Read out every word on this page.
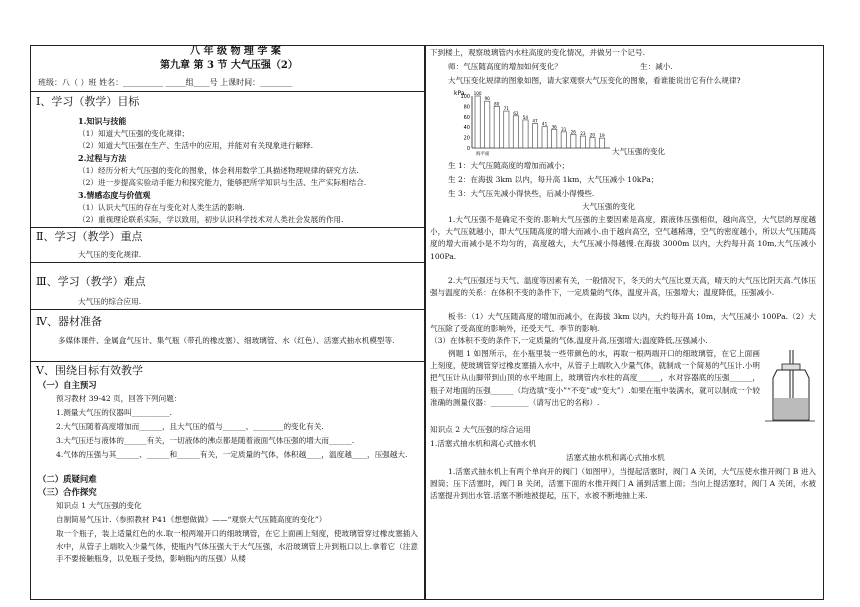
八 年 级 物 理 学 案
第九章 第 3 节 大气压强（2）
班级：八（ ）班 姓名：__________ _____组____号 上课时间：________
Ⅰ、学习（教学）目标
1.知识与技能
（1）知道大气压强的变化规律；
（2）知道大气压强在生产、生活中的应用，并能对有关现象进行解释.
2.过程与方法
（1）经历分析大气压强的变化的图象，体会利用数学工具描述物理规律的研究方法.
（2）进一步提高实验动手能力和探究能力，能够把所学知识与生活、生产实际相结合.
3.情感态度与价值观
（1）认识大气压的存在与变化对人类生活的影响.
（2）重视理论联系实际，学以致用，初步认识科学技术对人类社会发展的作用.
Ⅱ、学习（教学）重点
大气压的变化规律.
Ⅲ、学习（教学）难点
大气压的综合应用.
Ⅳ、器材准备
多媒体课件、金属盒气压计、集气瓶（带孔的橡皮塞）、细玻璃管、水（红色）、活塞式抽水机模型等.
Ⅴ、围绕目标有效教学
（一）自主预习
预习教材 39-42 页，回答下列问题：
1.测量大气压的仪器叫__________.
2.大气压随着高度增加而______，且大气压的值与______、________的变化有关.
3.大气压还与液体的______有关，一切液体的沸点都是随着液面气体压强的增大而______.
4.气体的压强与其______、______和______有关，一定质量的气体，体积越____，温度越____，压强越大.
（二）质疑问难
（三）合作探究
知识点 1 大气压强的变化
自制简易气压计.（参照教材 P41《想想做做》——“观察大气压随高度的变化”）
取一个瓶子，装上适量红色的水.取一根两端开口的细玻璃管，在它上面画上刻度，使玻璃管穿过橡皮塞插入水中，从管子上端吹入少量气体，使瓶内气体压强大于大气压强，水沿玻璃管上升到瓶口以上.拿着它（注意手不要接触瓶身，以免瓶子受热，影响瓶内的压强）从楼
下到楼上，观察玻璃管内水柱高度的变化情况，并做另一个记号.
师：气压随高度的增加如何变化？	生：减小.
大气压变化规律的图象如图，请大家观察大气压变化的图象，看谁能说出它有什么规律?
kPa
100
80
60
40
20
0
100
90
80
71
62
54
47
41
36
31
26 23 20 19
海平面	大气压强的变化
生 1：大气压随高度的增加而减小；
生 2：在海拔 3km 以内，每升高 1km，大气压减小 10kPa；
生 3：大气压先减小得快些，后减小得慢些.
大气压强的变化
1.大气压强不是确定不变的.影响大气压强的主要因素是高度，跟液体压强相似，越向高空，大气层的厚度越小，大气压就越小，即大气压随高度的增大而减小.由于越向高空，空气越稀薄，空气的密度越小，所以大气压随高度的增大而减小是不均匀的，高度越大，大气压减小得越慢.在海拔 3000m 以内，大约每升高 10m,大气压减小 100Pa.
2.大气压强还与天气、温度等因素有关，一般情况下，冬天的大气压比夏天高，晴天的大气压比阴天高.气体压强与温度的关系：在体积不变的条件下，一定质量的气体，温度升高，压强增大；温度降低，压强减小.
板书：（1）大气压随高度的增加而减小，在海拔 3km 以内，大约每升高 10m，大气压减小 100Pa.（2）大气压除了受高度的影响外，还受天气、季节的影响.
（3）在体积不变的条件下,一定质量的气体,温度升高,压强增大;温度降低,压强减小.
例题 1 如图所示，在小瓶里装一些带颜色的水，再取一根两端开口的细玻璃管，在它上面画上刻度，使玻璃管穿过橡皮塞插入水中，从管子上端吹入少量气体，就制成一个简易的气压计.小明把气压计从山脚带到山顶的水平地面上，玻璃管内水柱的高度______，水对容器底的压强______，瓶子对地面的压强______（均选填“变小”“不变”或“变大”）.如果在瓶中装满水，就可以制成一个较准确的测量仪器：__________（请写出它的名称）.
知识点 2 大气压强的综合运用
1.活塞式抽水机和离心式抽水机
活塞式抽水机和离心式抽水机
1.活塞式抽水机上有两个单向开的阀门（如图甲），当提起活塞时，阀门 A 关闭，大气压使水推开阀门 B 进入圆筒；压下活塞时，阀门 B 关闭，活塞下面的水推开阀门 A 涌到活塞上面；当向上提活塞时，阀门 A 关闭，水被活塞提升到出水管.活塞不断地被提起，压下，水被不断地抽上来.
